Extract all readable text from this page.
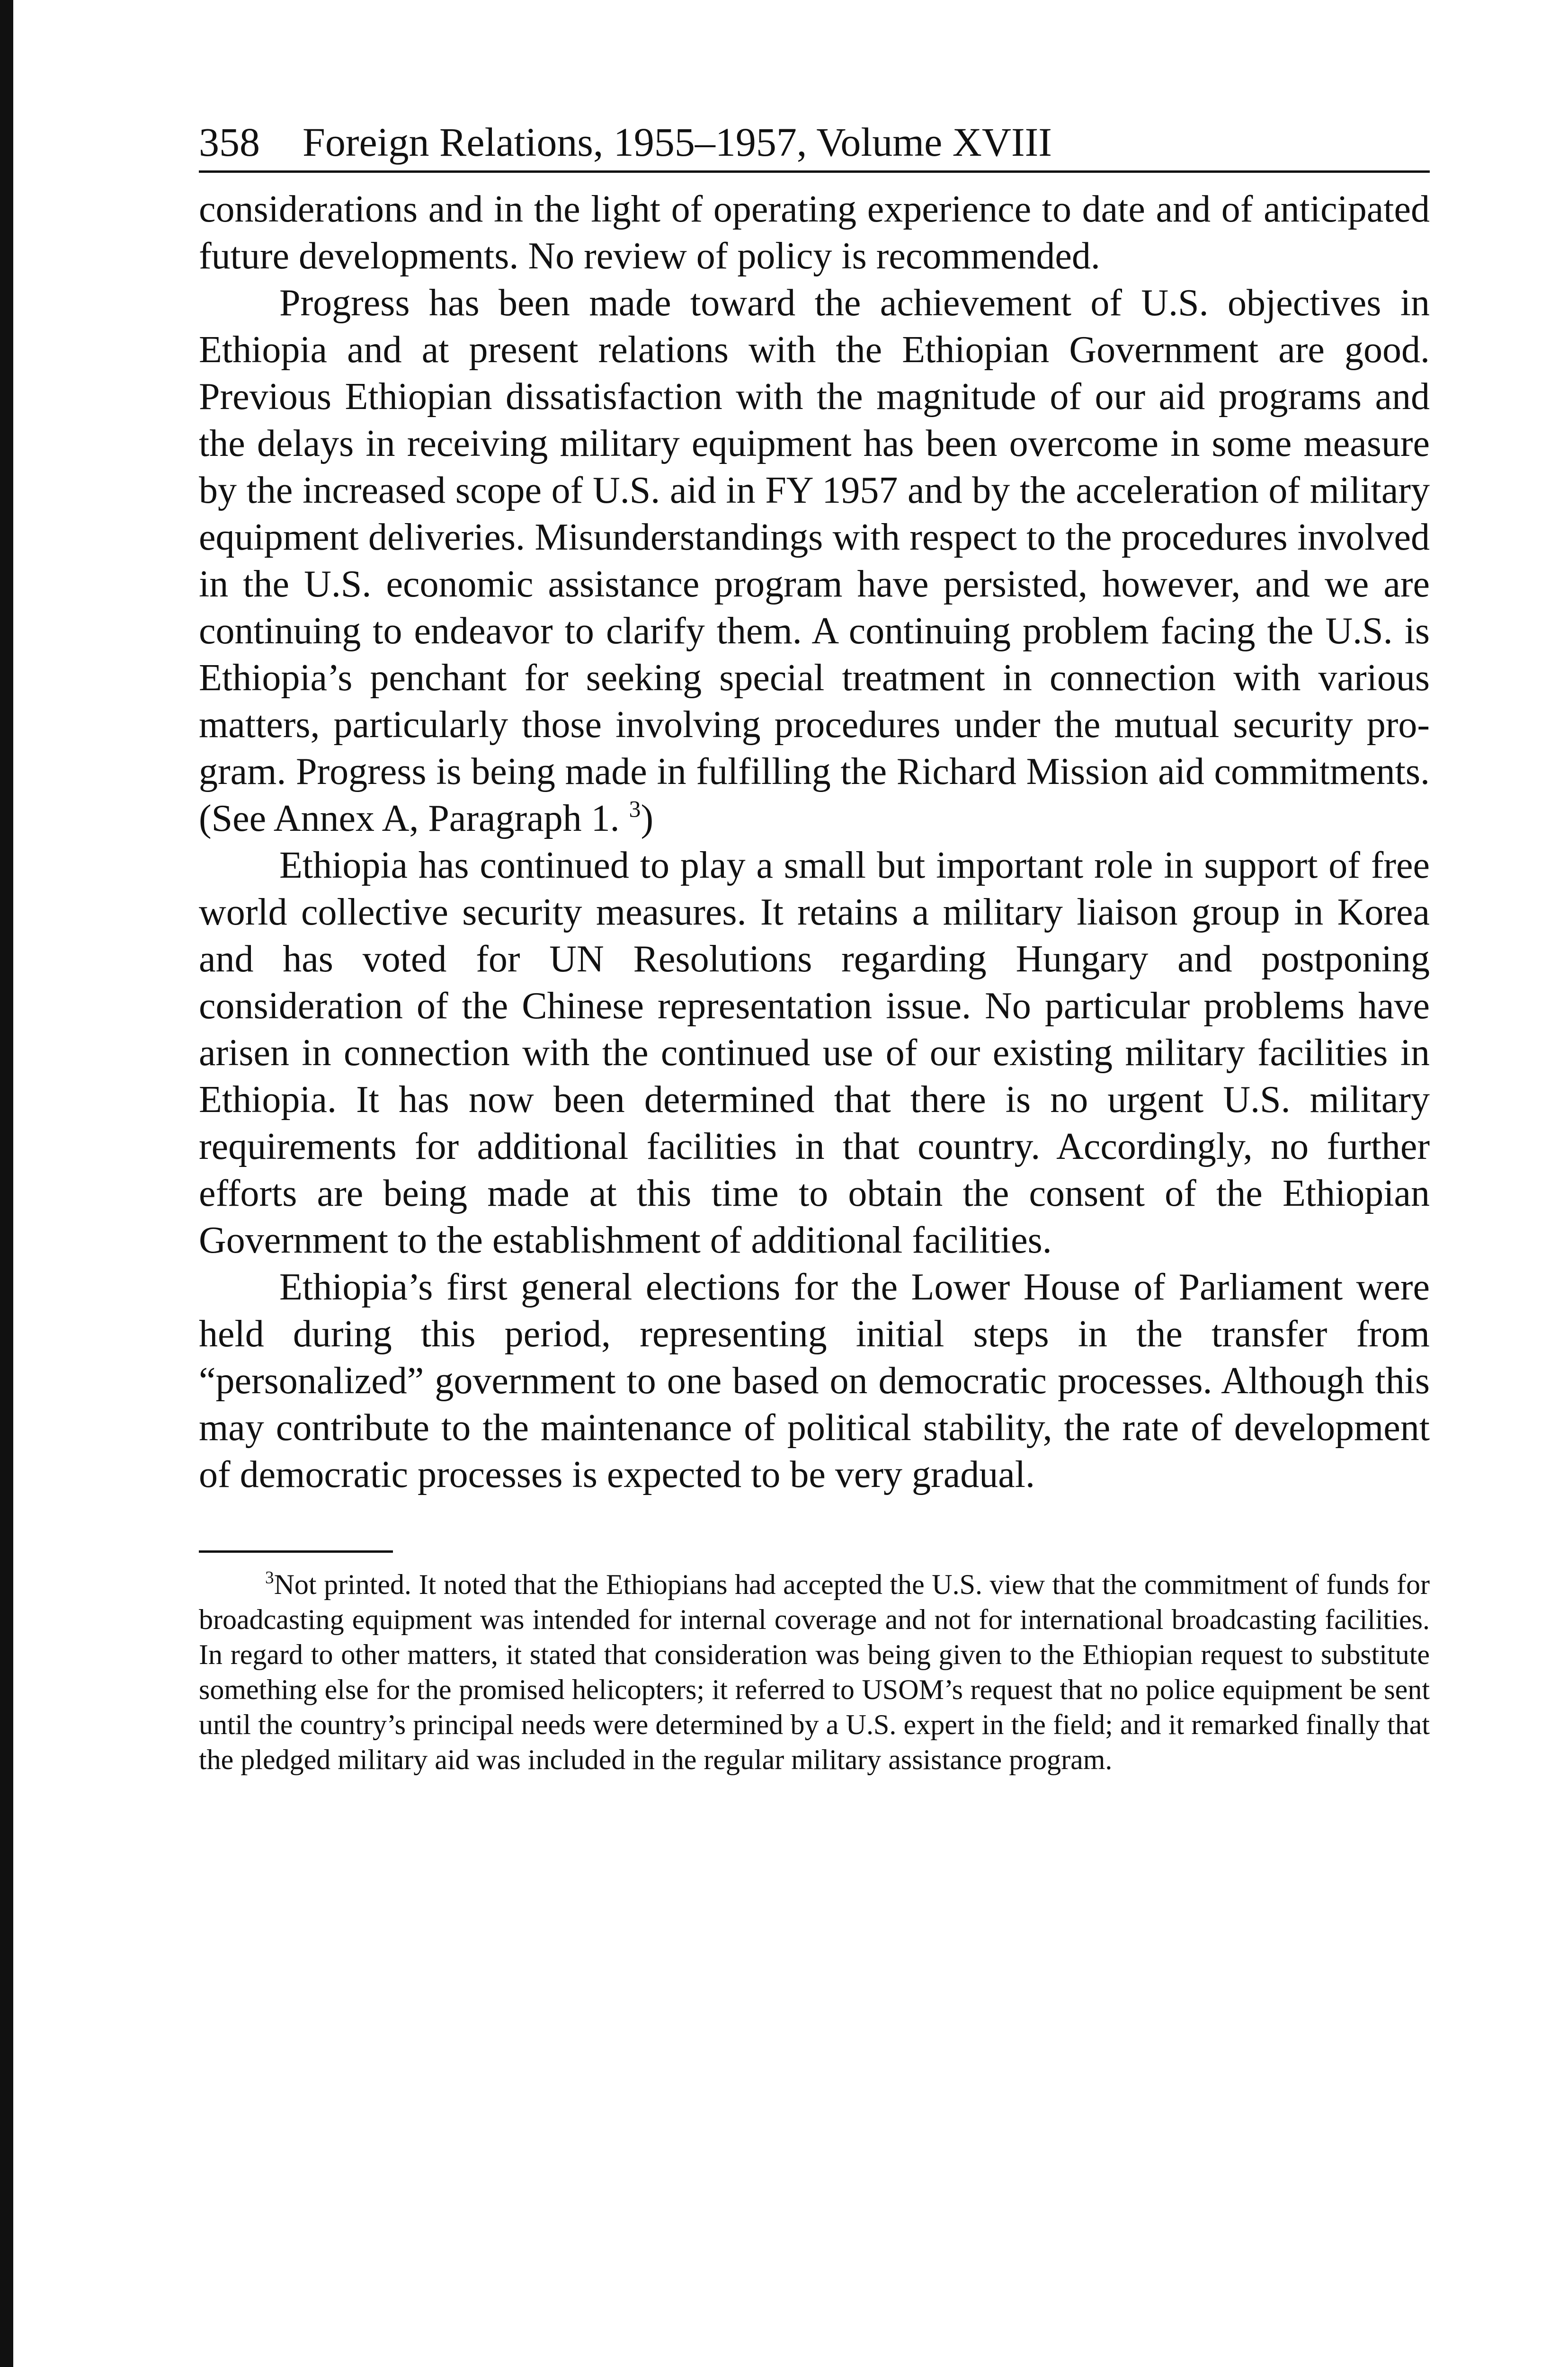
358 Foreign Relations, 1955–1957, Volume XVIII

considerations and in the light of operating experience to date and of anticipated future developments. No review of policy is recommended.

Progress has been made toward the achievement of U.S. objectives in Ethiopia and at present relations with the Ethiopian Government are good. Previous Ethiopian dissatisfaction with the magnitude of our aid programs and the delays in receiving military equipment has been overcome in some measure by the increased scope of U.S. aid in FY 1957 and by the acceleration of military equipment deliveries. Misunderstandings with respect to the procedures involved in the U.S. economic assistance program have persisted, however, and we are continuing to endeavor to clarify them. A continuing problem facing the U.S. is Ethiopia’s penchant for seeking special treatment in connection with various matters, particularly those involving procedures under the mutual security program. Progress is being made in fulfilling the Richard Mission aid commitments. (See Annex A, Paragraph 1. $^3$)

Ethiopia has continued to play a small but important role in support of free world collective security measures. It retains a military liaison group in Korea and has voted for UN Resolutions regarding Hungary and postponing consideration of the Chinese representation issue. No particular problems have arisen in connection with the continued use of our existing military facilities in Ethiopia. It has now been determined that there is no urgent U.S. military requirements for additional facilities in that country. Accordingly, no further efforts are being made at this time to obtain the consent of the Ethiopian Government to the establishment of additional facilities.

Ethiopia’s first general elections for the Lower House of Parliament were held during this period, representing initial steps in the transfer from “personalized” government to one based on democratic processes. Although this may contribute to the maintenance of political stability, the rate of development of democratic processes is expected to be very gradual.

$^3$Not printed. It noted that the Ethiopians had accepted the U.S. view that the commitment of funds for broadcasting equipment was intended for internal coverage and not for international broadcasting facilities. In regard to other matters, it stated that consideration was being given to the Ethiopian request to substitute something else for the promised helicopters; it referred to USOM’s request that no police equipment be sent until the country’s principal needs were determined by a U.S. expert in the field; and it remarked finally that the pledged military aid was included in the regular military assistance program.
